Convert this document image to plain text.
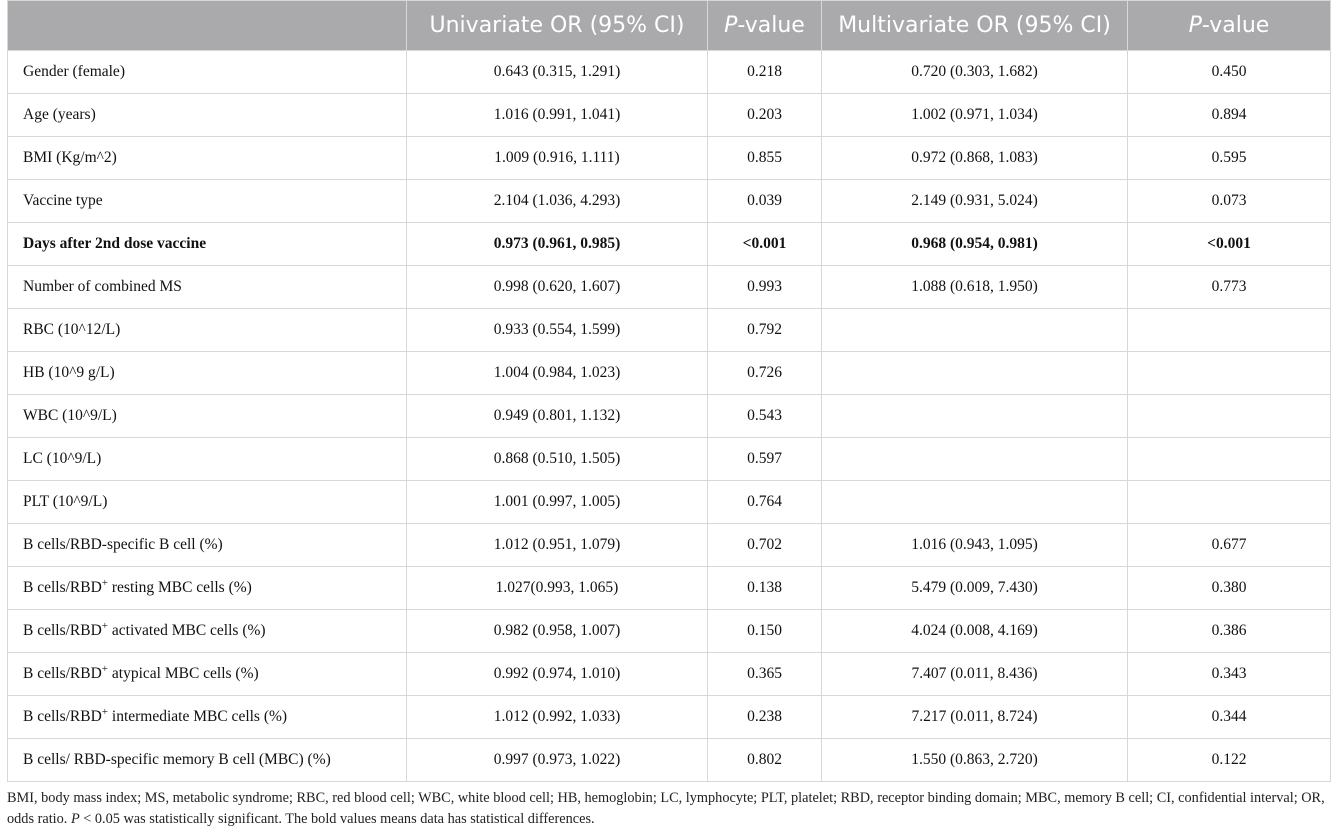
	Univariate OR (95% CI)	P-value	Multivariate OR (95% CI)	P-value
Gender (female)	0.643 (0.315, 1.291)	0.218	0.720 (0.303, 1.682)	0.450
Age (years)	1.016 (0.991, 1.041)	0.203	1.002 (0.971, 1.034)	0.894
BMI (Kg/m^2)	1.009 (0.916, 1.111)	0.855	0.972 (0.868, 1.083)	0.595
Vaccine type	2.104 (1.036, 4.293)	0.039	2.149 (0.931, 5.024)	0.073
Days after 2nd dose vaccine	0.973 (0.961, 0.985)	<0.001	0.968 (0.954, 0.981)	<0.001
Number of combined MS	0.998 (0.620, 1.607)	0.993	1.088 (0.618, 1.950)	0.773
RBC (10^12/L)	0.933 (0.554, 1.599)	0.792		
HB (10^9 g/L)	1.004 (0.984, 1.023)	0.726		
WBC (10^9/L)	0.949 (0.801, 1.132)	0.543		
LC (10^9/L)	0.868 (0.510, 1.505)	0.597		
PLT (10^9/L)	1.001 (0.997, 1.005)	0.764		
B cells/RBD-specific B cell (%)	1.012 (0.951, 1.079)	0.702	1.016 (0.943, 1.095)	0.677
B cells/RBD+ resting MBC cells (%)	1.027(0.993, 1.065)	0.138	5.479 (0.009, 7.430)	0.380
B cells/RBD+ activated MBC cells (%)	0.982 (0.958, 1.007)	0.150	4.024 (0.008, 4.169)	0.386
B cells/RBD+ atypical MBC cells (%)	0.992 (0.974, 1.010)	0.365	7.407 (0.011, 8.436)	0.343
B cells/RBD+ intermediate MBC cells (%)	1.012 (0.992, 1.033)	0.238	7.217 (0.011, 8.724)	0.344
B cells/ RBD-specific memory B cell (MBC) (%)	0.997 (0.973, 1.022)	0.802	1.550 (0.863, 2.720)	0.122
BMI, body mass index; MS, metabolic syndrome; RBC, red blood cell; WBC, white blood cell; HB, hemoglobin; LC, lymphocyte; PLT, platelet; RBD, receptor binding domain; MBC, memory B cell; CI, confidential interval; OR, odds ratio. P < 0.05 was statistically significant. The bold values means data has statistical differences.
